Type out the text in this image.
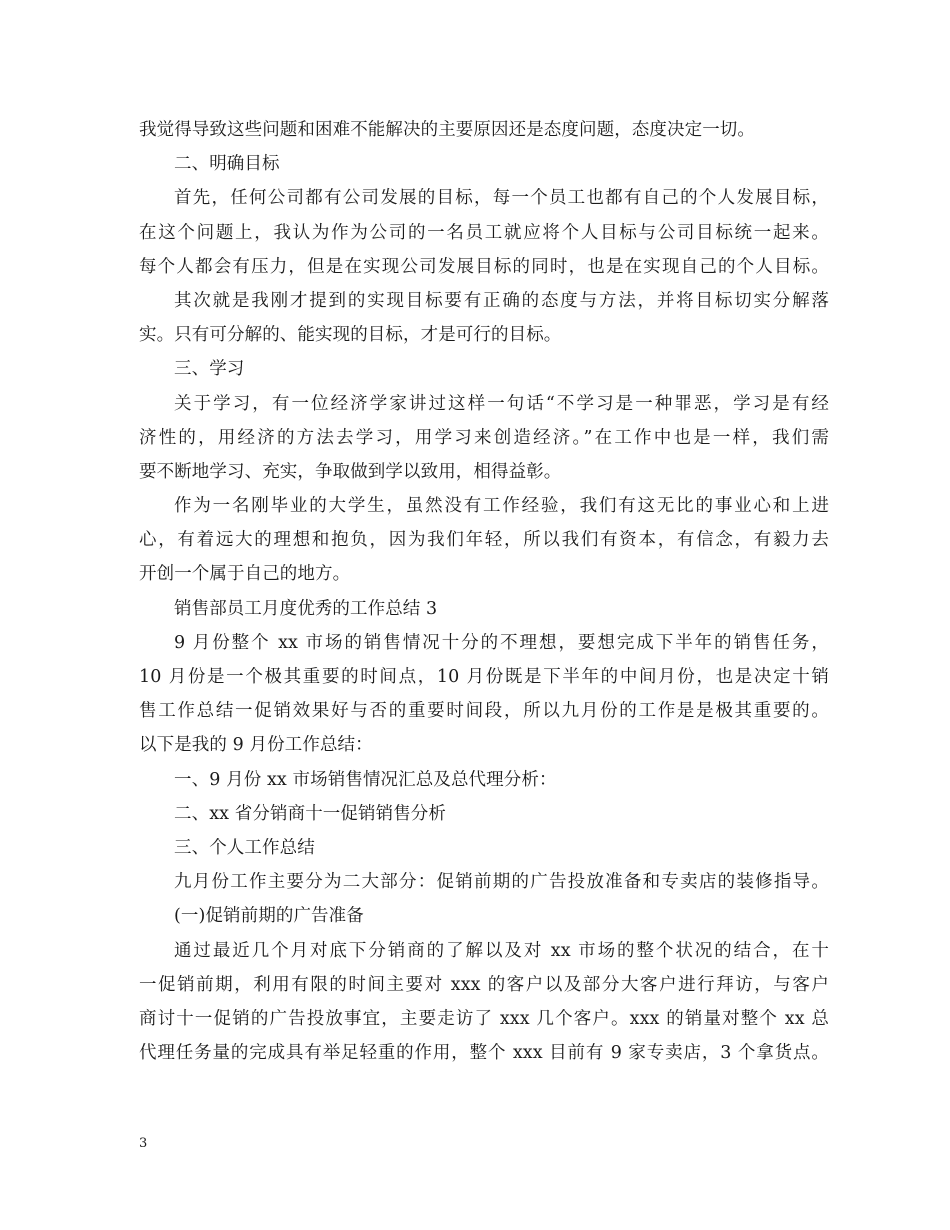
我觉得导致这些问题和困难不能解决的主要原因还是态度问题，态度决定一切。
二、明确目标
首先，任何公司都有公司发展的目标，每一个员工也都有自己的个人发展目标，
在这个问题上，我认为作为公司的一名员工就应将个人目标与公司目标统一起来。
每个人都会有压力，但是在实现公司发展目标的同时，也是在实现自己的个人目标。
其次就是我刚才提到的实现目标要有正确的态度与方法，并将目标切实分解落
实。只有可分解的、能实现的目标，才是可行的目标。
三、学习
关于学习，有一位经济学家讲过这样一句话“不学习是一种罪恶，学习是有经
济性的，用经济的方法去学习，用学习来创造经济。”在工作中也是一样，我们需
要不断地学习、充实，争取做到学以致用，相得益彰。
作为一名刚毕业的大学生，虽然没有工作经验，我们有这无比的事业心和上进
心，有着远大的理想和抱负，因为我们年轻，所以我们有资本，有信念，有毅力去
开创一个属于自己的地方。
销售部员工月度优秀的工作总结 3
9 月份整个 xx 市场的销售情况十分的不理想，要想完成下半年的销售任务，
10 月份是一个极其重要的时间点，10 月份既是下半年的中间月份，也是决定十销
售工作总结一促销效果好与否的重要时间段，所以九月份的工作是是极其重要的。
以下是我的 9 月份工作总结：
一、9 月份 xx 市场销售情况汇总及总代理分析：
二、xx 省分销商十一促销销售分析
三、个人工作总结
九月份工作主要分为二大部分：促销前期的广告投放准备和专卖店的装修指导。
(一)促销前期的广告准备
通过最近几个月对底下分销商的了解以及对 xx 市场的整个状况的结合，在十
一促销前期，利用有限的时间主要对 xxx 的客户以及部分大客户进行拜访，与客户
商讨十一促销的广告投放事宜，主要走访了 xxx 几个客户。xxx 的销量对整个 xx 总
代理任务量的完成具有举足轻重的作用，整个 xxx 目前有 9 家专卖店，3 个拿货点。
3
